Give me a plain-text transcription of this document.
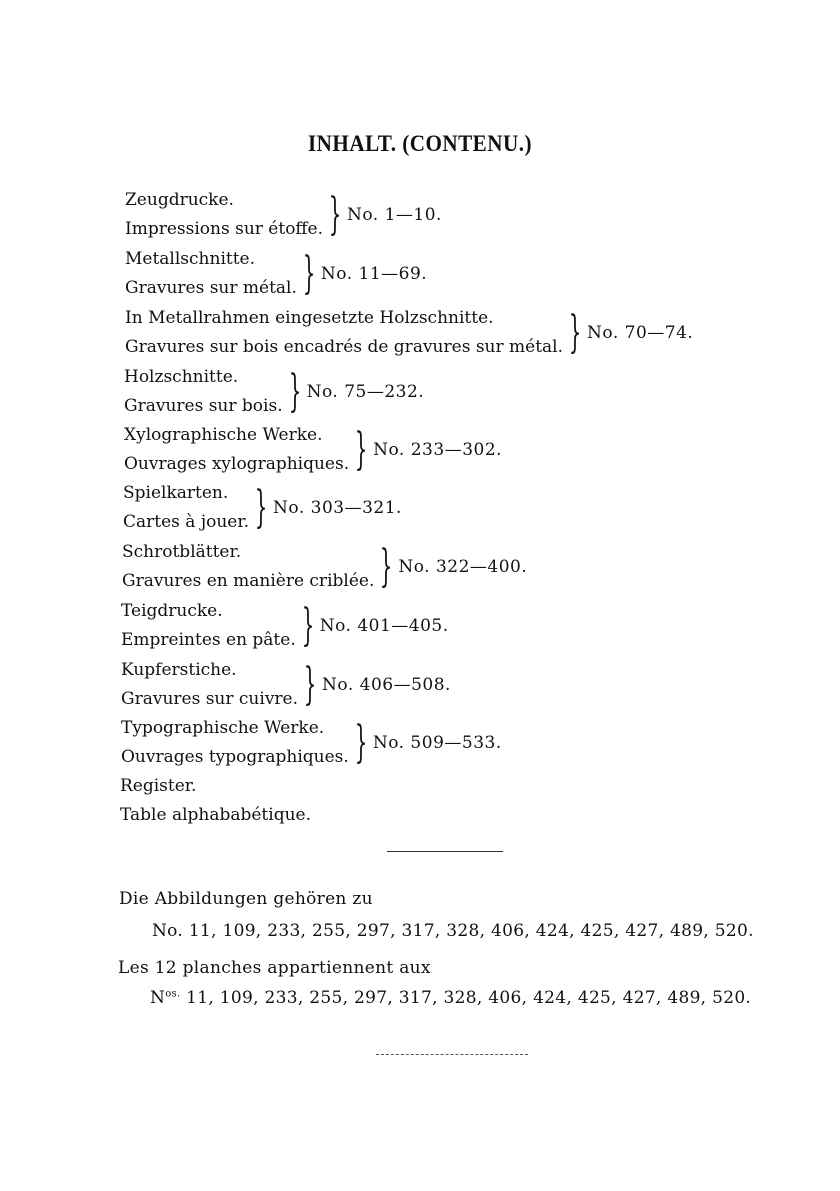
INHALT. (CONTENU.)
Zeugdrucke.
Impressions sur étoffe. } No. 1—10.
Metallschnitte.
Gravures sur métal. } No. 11—69.
In Metallrahmen eingesetzte Holzschnitte.
Gravures sur bois encadrés de gravures sur métal. } No. 70—74.
Holzschnitte.
Gravures sur bois. } No. 75—232.
Xylographische Werke.
Ouvrages xylographiques. } No. 233—302.
Spielkarten.
Cartes à jouer. } No. 303—321.
Schrotblätter.
Gravures en manière criblée. } No. 322—400.
Teigdrucke.
Empreintes en pâte. } No. 401—405.
Kupferstiche.
Gravures sur cuivre. } No. 406—508.
Typographische Werke.
Ouvrages typographiques. } No. 509—533.
Register.
Table alphababétique.
Die Abbildungen gehören zu
No. 11, 109, 233, 255, 297, 317, 328, 406, 424, 425, 427, 489, 520.
Les 12 planches appartiennent aux
$N^{os.}$ 11, 109, 233, 255, 297, 317, 328, 406, 424, 425, 427, 489, 520.
